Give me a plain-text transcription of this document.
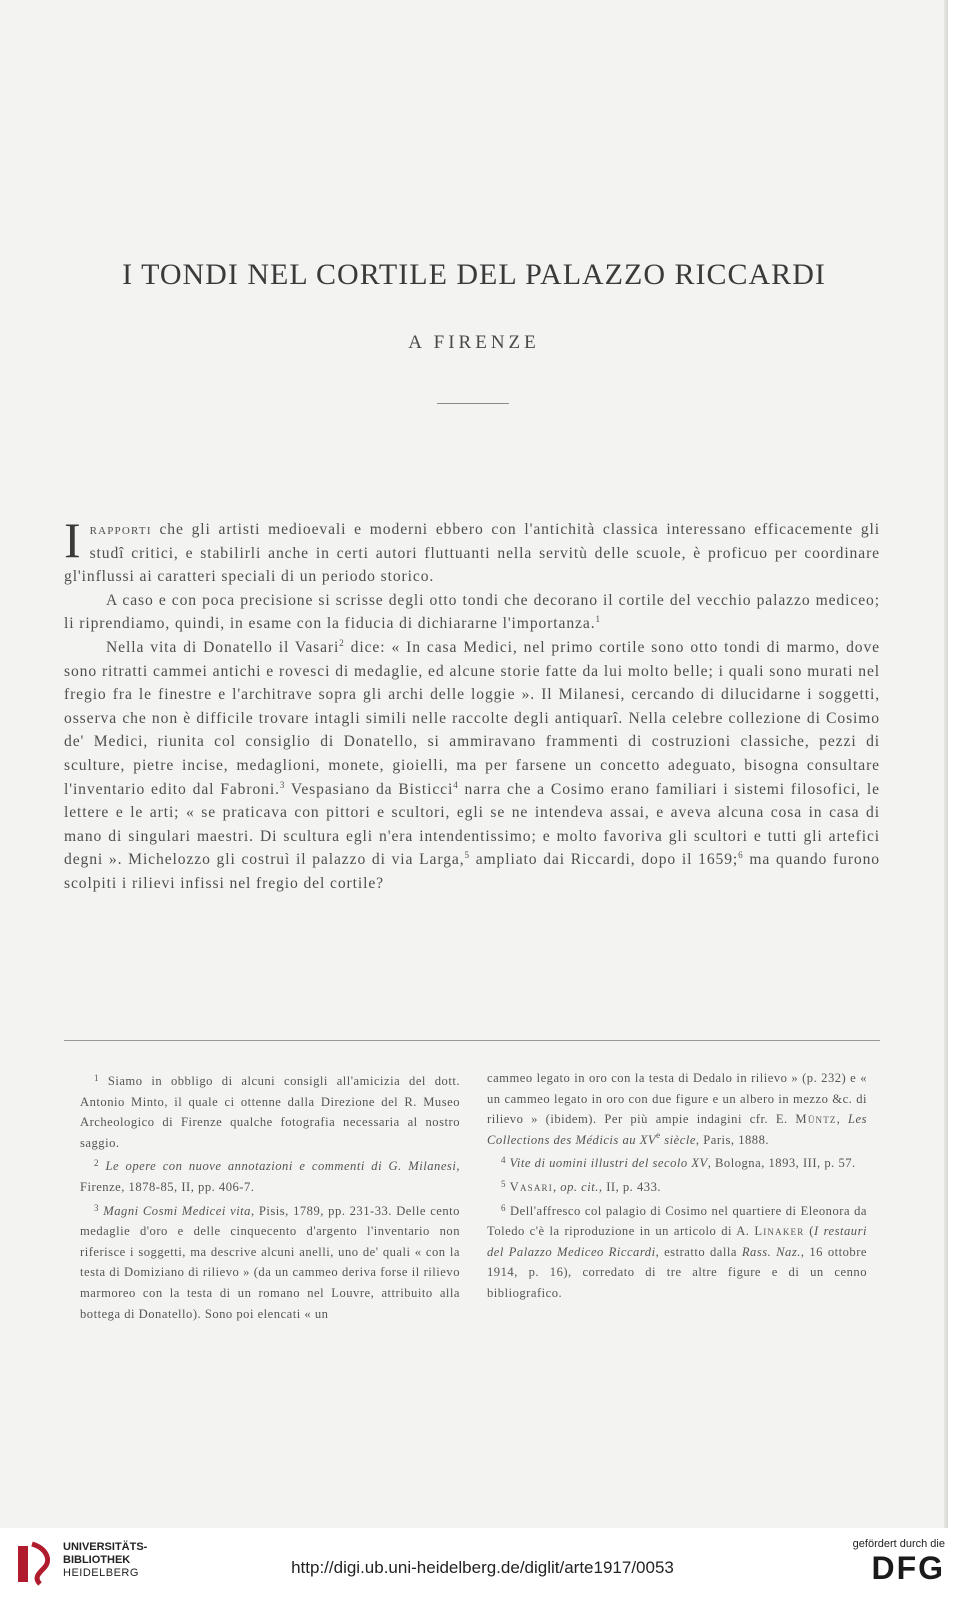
I TONDI NEL CORTILE DEL PALAZZO RICCARDI
A FIRENZE

Irapporti che gli artisti medioevali e moderni ebbero con l'antichità classica interessano efficacemente gli studî critici, e stabilirli anche in certi autori fluttuanti nella servitù delle scuole, è proficuo per coordinare gl'influssi ai caratteri speciali di un periodo storico.

A caso e con poca precisione si scrisse degli otto tondi che decorano il cortile del vecchio palazzo mediceo; li riprendiamo, quindi, in esame con la fiducia di dichiararne l'importanza.$^1$

Nella vita di Donatello il Vasari$^2$ dice: « In casa Medici, nel primo cortile sono otto tondi di marmo, dove sono ritratti cammei antichi e rovesci di medaglie, ed alcune storie fatte da lui molto belle; i quali sono murati nel fregio fra le finestre e l'architrave sopra gli archi delle loggie ». Il Milanesi, cercando di dilucidarne i soggetti, osserva che non è difficile trovare intagli simili nelle raccolte degli antiquarî. Nella celebre collezione di Cosimo de' Medici, riunita col consiglio di Donatello, si ammiravano frammenti di costruzioni classiche, pezzi di sculture, pietre incise, medaglioni, monete, gioielli, ma per farsene un concetto adeguato, bisogna consultare l'inventario edito dal Fabroni.$^3$ Vespasiano da Bisticci$^4$ narra che a Cosimo erano familiari i sistemi filosofici, le lettere e le arti; « se praticava con pittori e scultori, egli se ne intendeva assai, e aveva alcuna cosa in casa di mano di singulari maestri. Di scultura egli n'era intendentissimo; e molto favoriva gli scultori e tutti gli artefici degni ». Michelozzo gli costruì il palazzo di via Larga,$^5$ ampliato dai Riccardi, dopo il 1659;$^6$ ma quando furono scolpiti i rilievi infissi nel fregio del cortile?

$^1$ Siamo in obbligo di alcuni consigli all'amicizia del dott. Antonio Minto, il quale ci ottenne dalla Direzione del R. Museo Archeologico di Firenze qualche fotografia necessaria al nostro saggio.

$^2$ Le opere con nuove annotazioni e commenti di G. Milanesi, Firenze, 1878-85, II, pp. 406-7.

$^3$ Magni Cosmi Medicei vita, Pisis, 1789, pp. 231-33. Delle cento medaglie d'oro e delle cinquecento d'argento l'inventario non riferisce i soggetti, ma descrive alcuni anelli, uno de' quali « con la testa di Domiziano di rilievo » (da un cammeo deriva forse il rilievo marmoreo con la testa di un romano nel Louvre, attribuito alla bottega di Donatello). Sono poi elencati « un

cammeo legato in oro con la testa di Dedalo in rilievo » (p. 232) e « un cammeo legato in oro con due figure e un albero in mezzo &c. di rilievo » (ibidem). Per più ampie indagini cfr. E. Müntz, Les Collections des Médicis au XVe siècle, Paris, 1888.

$^4$ Vite di uomini illustri del secolo XV, Bologna, 1893, III, p. 57.

$^5$ Vasari, op. cit., II, p. 433.

$^6$ Dell'affresco col palagio di Cosimo nel quartiere di Eleonora da Toledo c'è la riproduzione in un articolo di A. Linaker (I restauri del Palazzo Mediceo Riccardi, estratto dalla Rass. Naz., 16 ottobre 1914, p. 16), corredato di tre altre figure e di un cenno bibliografico.

UNIVERSITÄTS-
BIBLIOTHEK
HEIDELBERG	http://digi.ub.uni-heidelberg.de/diglit/arte1917/0053
gefördert durch die
DFG
